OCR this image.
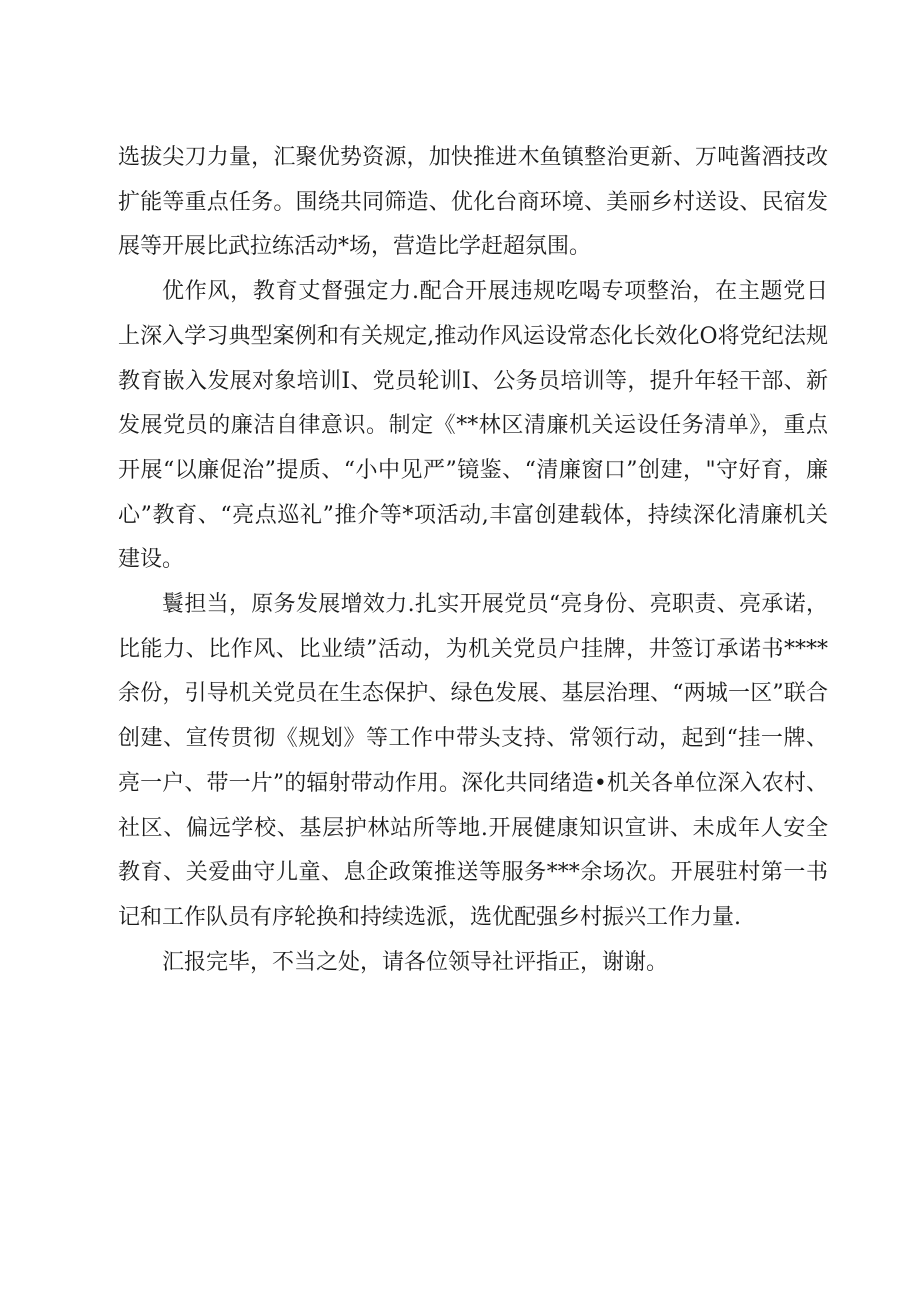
选拔尖刀力量，汇聚优势资源，加快推进木鱼镇整治更新、万吨酱酒技改扩能等重点任务。围绕共同筛造、优化台商环境、美丽乡村送设、民宿发展等开展比武拉练活动*场，营造比学赶超氛围。

优作风，教育丈督强定力.配合开展违规吃喝专项整治，在主题党日上深入学习典型案例和有关规定,推动作风运设常态化长效化O将党纪法规教育嵌入发展对象培训I、党员轮训I、公务员培训等，提升年轻干部、新发展党员的廉洁自律意识。制定《**林区清廉机关运设任务清单》，重点开展“以廉促治”提质、“小中见严”镜鉴、“清廉窗口”创建，"守好育，廉心”教育、“亮点巡礼”推介等*项活动,丰富创建载体，持续深化清廉机关建设。

鬟担当，原务发展增效力.扎实开展党员“亮身份、亮职责、亮承诺，比能力、比作风、比业绩”活动，为机关党员户挂牌，井签订承诺书****余份，引导机关党员在生态保护、绿色发展、基层治理、“两城一区”联合创建、宣传贯彻《规划》等工作中带头支持、常领行动，起到“挂一牌、亮一户、带一片”的辐射带动作用。深化共同绪造•机关各单位深入农村、社区、偏远学校、基层护林站所等地.开展健康知识宣讲、未成年人安全教育、关爱曲守儿童、息企政策推送等服务***余场次。开展驻村第一书记和工作队员有序轮换和持续选派，选优配强乡村振兴工作力量.

汇报完毕，不当之处，请各位领导社评指正，谢谢。
